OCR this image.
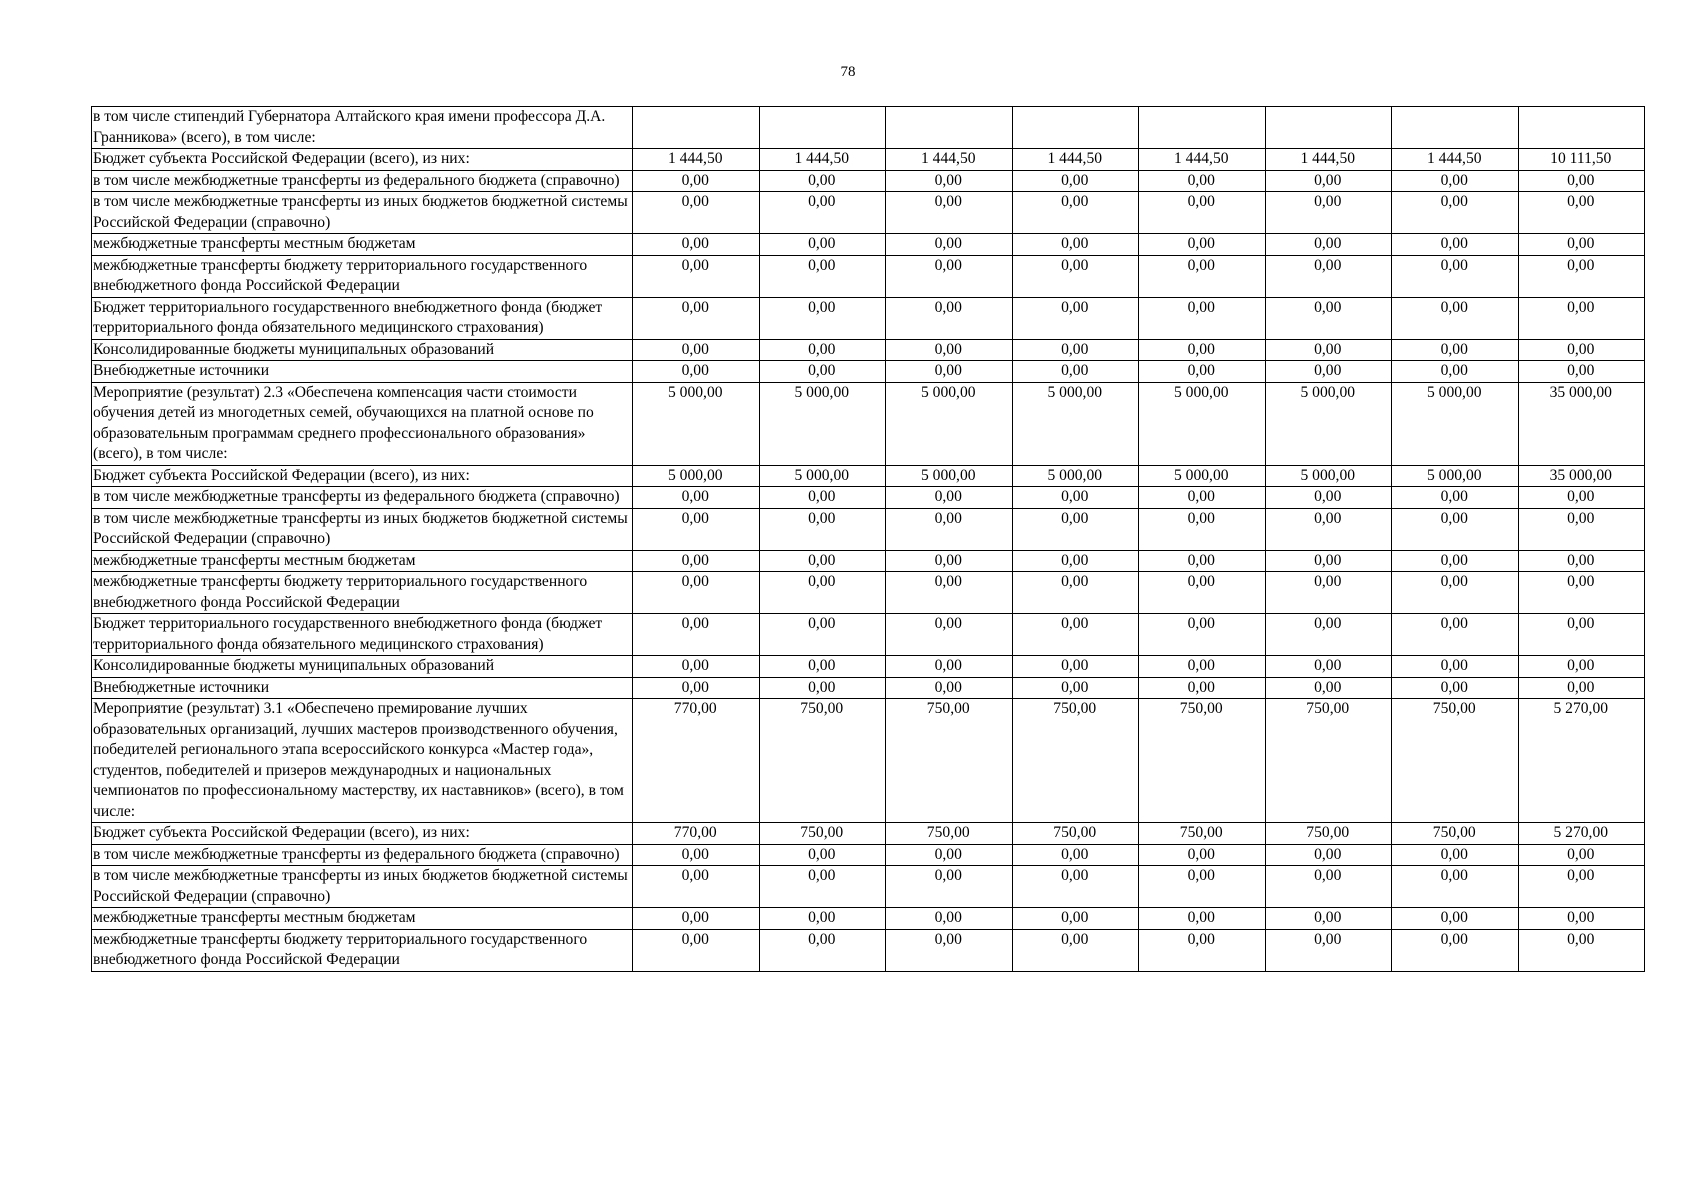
78
в том числе стипендий Губернатора Алтайского края имени профессора Д.А. Гранникова» (всего), в том числе:								
Бюджет субъекта Российской Федерации (всего), из них:	1 444,50	1 444,50	1 444,50	1 444,50	1 444,50	1 444,50	1 444,50	10 111,50
в том числе межбюджетные трансферты из федерального бюджета (справочно)	0,00	0,00	0,00	0,00	0,00	0,00	0,00	0,00
в том числе межбюджетные трансферты из иных бюджетов бюджетной системы Российской Федерации (справочно)	0,00	0,00	0,00	0,00	0,00	0,00	0,00	0,00
межбюджетные трансферты местным бюджетам	0,00	0,00	0,00	0,00	0,00	0,00	0,00	0,00
межбюджетные трансферты бюджету территориального государственного внебюджетного фонда Российской Федерации	0,00	0,00	0,00	0,00	0,00	0,00	0,00	0,00
Бюджет территориального государственного внебюджетного фонда (бюджет территориального фонда обязательного медицинского страхования)	0,00	0,00	0,00	0,00	0,00	0,00	0,00	0,00
Консолидированные бюджеты муниципальных образований	0,00	0,00	0,00	0,00	0,00	0,00	0,00	0,00
Внебюджетные источники	0,00	0,00	0,00	0,00	0,00	0,00	0,00	0,00
Мероприятие (результат) 2.3 «Обеспечена компенсация части стоимости обучения детей из многодетных семей, обучающихся на платной основе по образовательным программам среднего профессионального образования» (всего), в том числе:	5 000,00	5 000,00	5 000,00	5 000,00	5 000,00	5 000,00	5 000,00	35 000,00
Бюджет субъекта Российской Федерации (всего), из них:	5 000,00	5 000,00	5 000,00	5 000,00	5 000,00	5 000,00	5 000,00	35 000,00
в том числе межбюджетные трансферты из федерального бюджета (справочно)	0,00	0,00	0,00	0,00	0,00	0,00	0,00	0,00
в том числе межбюджетные трансферты из иных бюджетов бюджетной системы Российской Федерации (справочно)	0,00	0,00	0,00	0,00	0,00	0,00	0,00	0,00
межбюджетные трансферты местным бюджетам	0,00	0,00	0,00	0,00	0,00	0,00	0,00	0,00
межбюджетные трансферты бюджету территориального государственного внебюджетного фонда Российской Федерации	0,00	0,00	0,00	0,00	0,00	0,00	0,00	0,00
Бюджет территориального государственного внебюджетного фонда (бюджет территориального фонда обязательного медицинского страхования)	0,00	0,00	0,00	0,00	0,00	0,00	0,00	0,00
Консолидированные бюджеты муниципальных образований	0,00	0,00	0,00	0,00	0,00	0,00	0,00	0,00
Внебюджетные источники	0,00	0,00	0,00	0,00	0,00	0,00	0,00	0,00
Мероприятие (результат) 3.1 «Обеспечено премирование лучших образовательных организаций, лучших мастеров производственного обучения, победителей регионального этапа всероссийского конкурса «Мастер года», студентов, победителей и призеров международных и национальных чемпионатов по профессиональному мастерству, их наставников» (всего), в том числе:	770,00	750,00	750,00	750,00	750,00	750,00	750,00	5 270,00
Бюджет субъекта Российской Федерации (всего), из них:	770,00	750,00	750,00	750,00	750,00	750,00	750,00	5 270,00
в том числе межбюджетные трансферты из федерального бюджета (справочно)	0,00	0,00	0,00	0,00	0,00	0,00	0,00	0,00
в том числе межбюджетные трансферты из иных бюджетов бюджетной системы Российской Федерации (справочно)	0,00	0,00	0,00	0,00	0,00	0,00	0,00	0,00
межбюджетные трансферты местным бюджетам	0,00	0,00	0,00	0,00	0,00	0,00	0,00	0,00
межбюджетные трансферты бюджету территориального государственного внебюджетного фонда Российской Федерации	0,00	0,00	0,00	0,00	0,00	0,00	0,00	0,00
